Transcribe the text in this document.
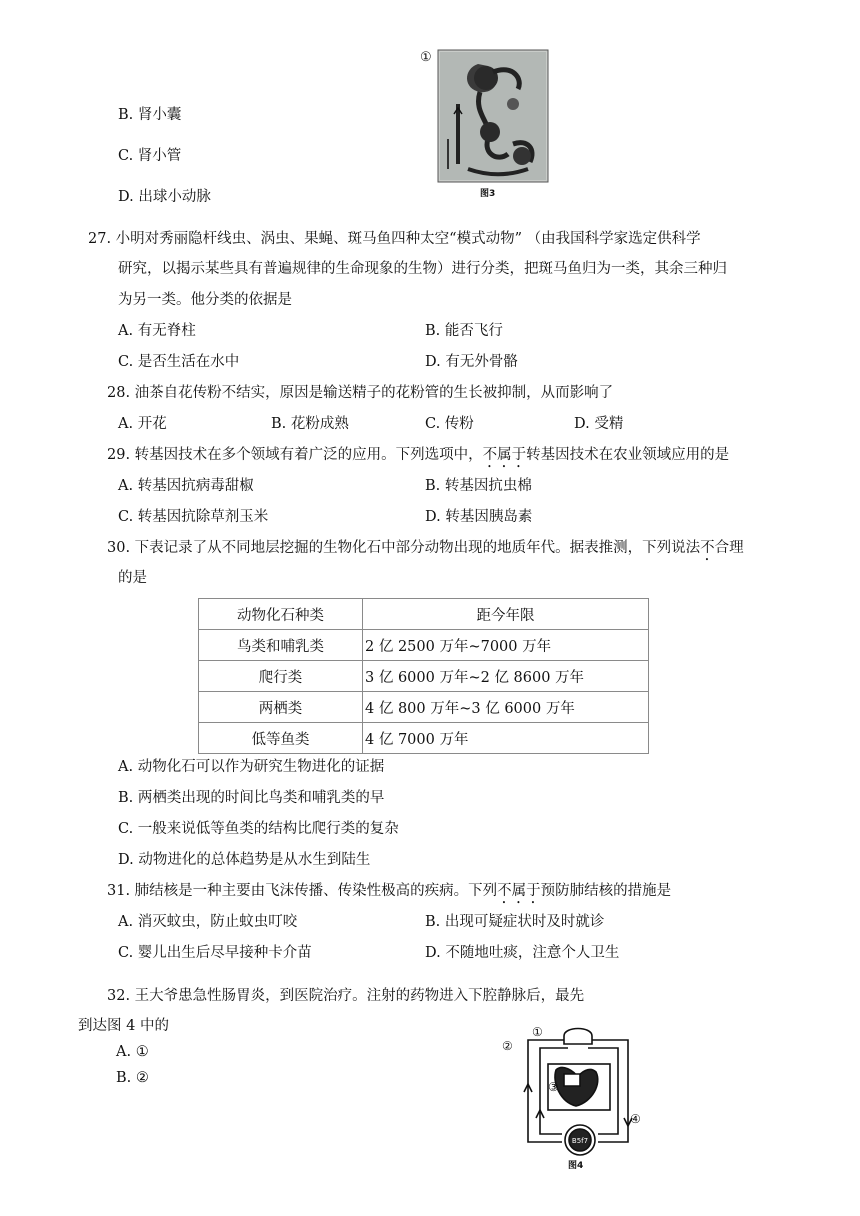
①
图3
B. 肾小囊
C. 肾小管
D. 出球小动脉
27. 小明对秀丽隐杆线虫、涡虫、果蝇、斑马鱼四种太空“模式动物” （由我国科学家选定供科学
研究，以揭示某些具有普遍规律的生命现象的生物）进行分类，把斑马鱼归为一类，其余三种归
为另一类。他分类的依据是
A. 有无脊柱	B. 能否飞行
C. 是否生活在水中	D. 有无外骨骼
28. 油茶自花传粉不结实，原因是输送精子的花粉管的生长被抑制，从而影响了
A. 开花	B. 花粉成熟	C. 传粉	D. 受精
29. 转基因技术在多个领域有着广泛的应用。下列选项中，不属于转基因技术在农业领域应用的是
A. 转基因抗病毒甜椒	B. 转基因抗虫棉
C. 转基因抗除草剂玉米	D. 转基因胰岛素
30. 下表记录了从不同地层挖掘的生物化石中部分动物出现的地质年代。据表推测，下列说法不合理
的是
动物化石种类	距今年限
鸟类和哺乳类	2 亿 2500 万年~7000 万年
爬行类	3 亿 6000 万年~2 亿 8600 万年
两栖类	4 亿 800 万年~3 亿 6000 万年
低等鱼类	4 亿 7000 万年
A. 动物化石可以作为研究生物进化的证据
B. 两栖类出现的时间比鸟类和哺乳类的早
C. 一般来说低等鱼类的结构比爬行类的复杂
D. 动物进化的总体趋势是从水生到陆生
31. 肺结核是一种主要由飞沫传播、传染性极高的疾病。下列不属于预防肺结核的措施是
A. 消灭蚊虫，防止蚊虫叮咬	B. 出现可疑症状时及时就诊
C. 婴儿出生后尽早接种卡介苗	D. 不随地吐痰，注意个人卫生
32. 王大爷患急性肠胃炎，到医院治疗。注射的药物进入下腔静脉后，最先
到达图 4 中的
A. ①
B. ②
B5f7
①
②
③
④
图4
